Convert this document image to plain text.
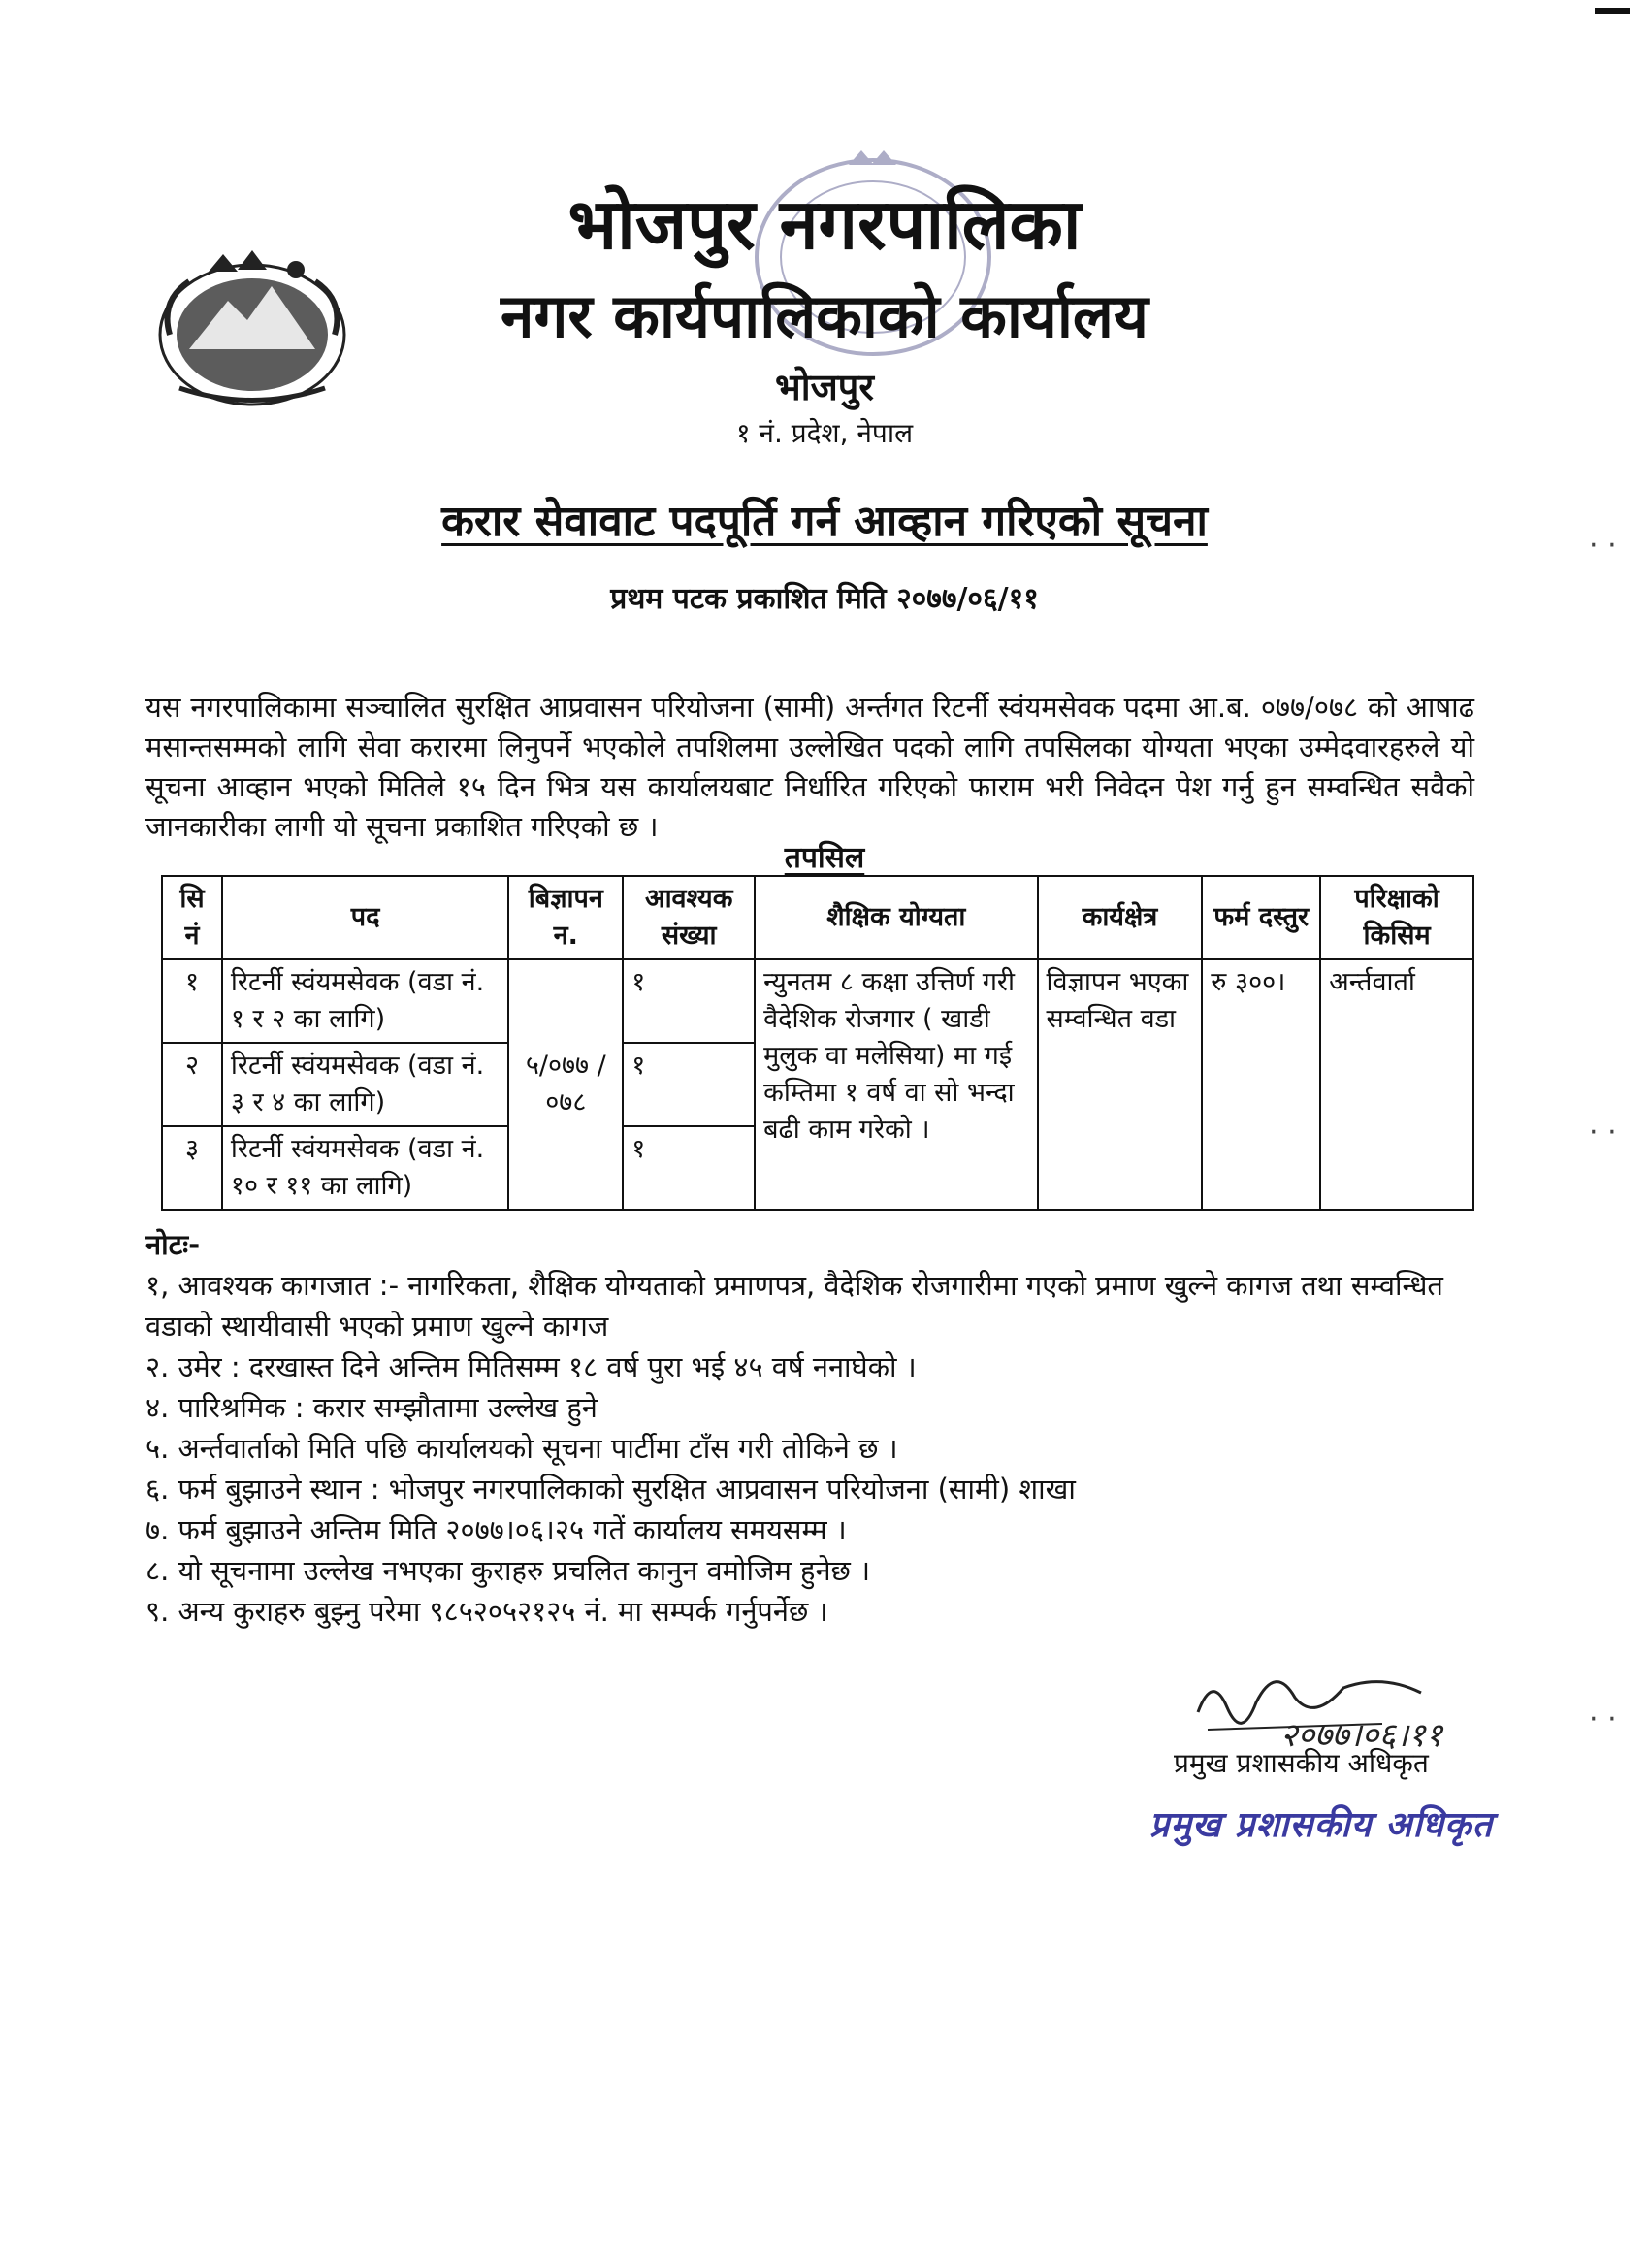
भोजपुर नगरपालिका
नगर कार्यपालिकाको कार्यालय
भोजपुर
१ नं. प्रदेश, नेपाल
करार सेवावाट पदपूर्ति गर्न आव्हान गरिएको सूचना
प्रथम पटक प्रकाशित मिति २०७७/०६/११

यस नगरपालिकामा सञ्चालित सुरक्षित आप्रवासन परियोजना (सामी) अर्न्तगत रिटर्नी स्वंयमसेवक पदमा आ.ब. ०७७/०७८ को आषाढ मसान्तसम्मको लागि सेवा करारमा लिनुपर्ने भएकोले तपशिलमा उल्लेखित पदको लागि तपसिलका योग्यता भएका उम्मेदवारहरुले यो सूचना आव्हान भएको मितिले १५ दिन भित्र यस कार्यालयबाट निर्धारित गरिएको फाराम भरी निवेदन पेश गर्नु हुन सम्वन्धित सवैको जानकारीका लागी यो सूचना प्रकाशित गरिएको छ ।

तपसिल
सि नं	पद	बिज्ञापन न.	आवश्यक संख्या	शैक्षिक योग्यता	कार्यक्षेत्र	फर्म दस्तुर	परिक्षाको किसिम
१	रिटर्नी स्वंयमसेवक (वडा नं. १ र २ का लागि)	५/०७७ /०७८	१	न्युनतम ८ कक्षा उत्तिर्ण गरी वैदेशिक रोजगार ( खाडी मुलुक वा मलेसिया) मा गई कम्तिमा १ वर्ष वा सो भन्दा बढी काम गरेको ।	विज्ञापन भएका सम्वन्धित वडा	रु ३००।	अर्न्तवार्ता
२	रिटर्नी स्वंयमसेवक (वडा नं. ३ र ४ का लागि)		१				
३	रिटर्नी स्वंयमसेवक (वडा नं. १० र ११ का लागि)		१				
नोटः-
१, आवश्यक कागजात :- नागरिकता, शैक्षिक योग्यताको प्रमाणपत्र, वैदेशिक रोजगारीमा गएको प्रमाण खुल्ने कागज तथा सम्वन्धित वडाको स्थायीवासी भएको प्रमाण खुल्ने कागज
२. उमेर : दरखास्त दिने अन्तिम मितिसम्म १८ वर्ष पुरा भई ४५ वर्ष ननाघेको ।
४. पारिश्रमिक : करार सम्झौतामा उल्लेख हुने
५. अर्न्तवार्ताको मिति पछि कार्यालयको सूचना पार्टीमा टाँस गरी तोकिने छ ।
६. फर्म बुझाउने स्थान : भोजपुर नगरपालिकाको सुरक्षित आप्रवासन परियोजना (सामी) शाखा
७. फर्म बुझाउने अन्तिम मिति २०७७।०६।२५ गतें कार्यालय समयसम्म ।
८. यो सूचनामा उल्लेख नभएका कुराहरु प्रचलित कानुन वमोजिम हुनेछ ।
९. अन्य कुराहरु बुझ्नु परेमा ९८५२०५२१२५ नं. मा सम्पर्क गर्नुपर्नेछ ।
२०७७।०६।११
प्रमुख प्रशासकीय अधिकृत
प्रमुख प्रशासकीय अधिकृत
· ·
· ·
· ·
